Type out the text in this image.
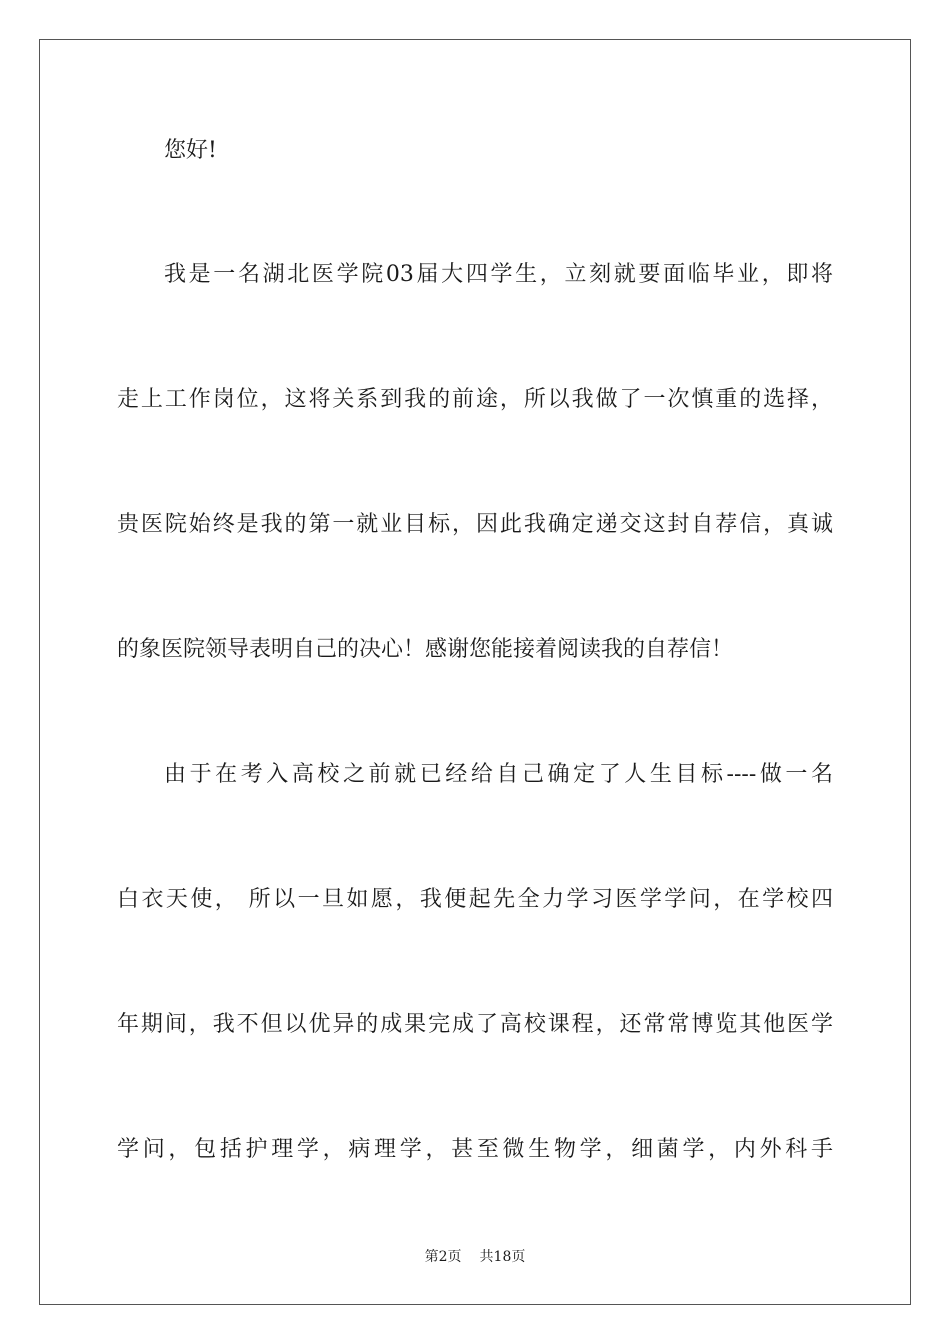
您好!
我是一名湖北医学院03届大四学生，立刻就要面临毕业，即将
走上工作岗位，这将关系到我的前途，所以我做了一次慎重的选择，
贵医院始终是我的第一就业目标，因此我确定递交这封自荐信，真诚
的象医院领导表明自己的决心！感谢您能接着阅读我的自荐信！
由于在考入高校之前就已经给自己确定了人生目标----做一名
白衣天使， 所以一旦如愿，我便起先全力学习医学学问，在学校四
年期间，我不但以优异的成果完成了高校课程，还常常博览其他医学
学问，包括护理学，病理学，甚至微生物学，细菌学，内外科手
第2页 共18页
